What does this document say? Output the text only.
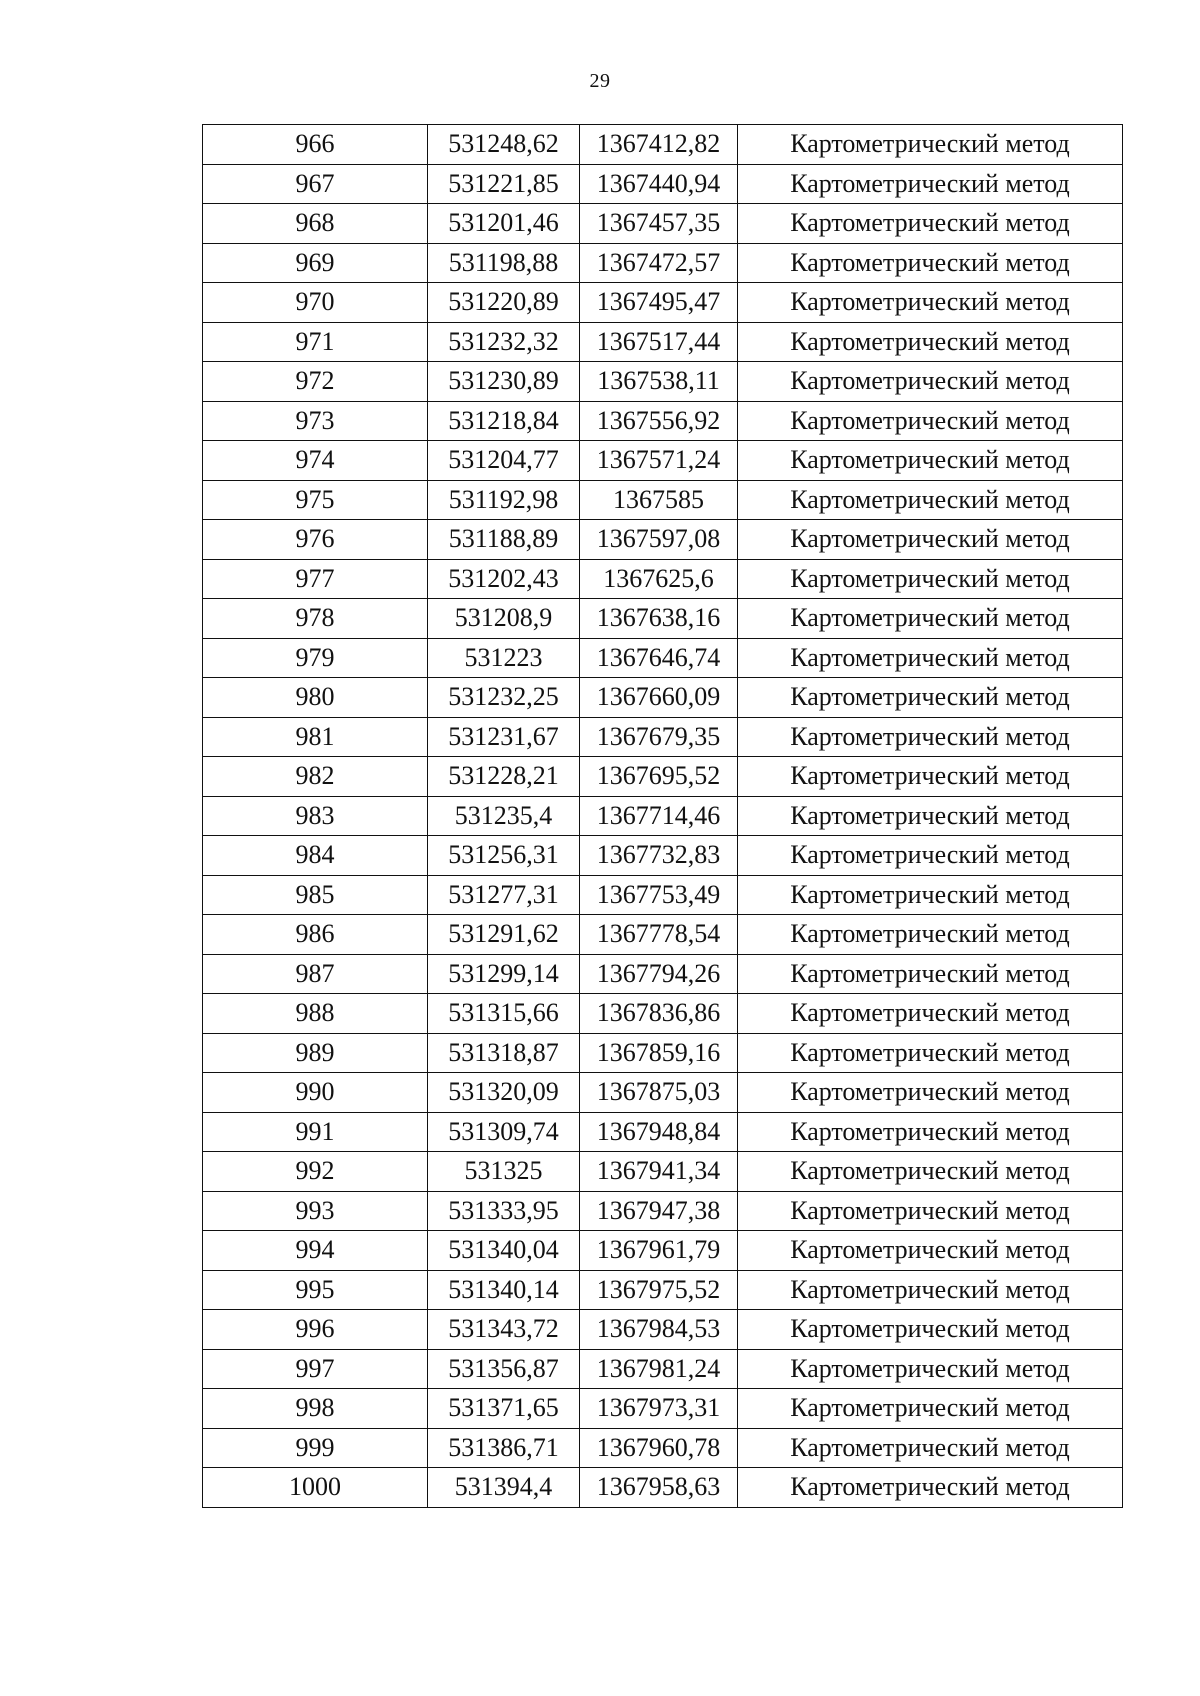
29
966	531248,62	1367412,82	Картометрический метод
967	531221,85	1367440,94	Картометрический метод
968	531201,46	1367457,35	Картометрический метод
969	531198,88	1367472,57	Картометрический метод
970	531220,89	1367495,47	Картометрический метод
971	531232,32	1367517,44	Картометрический метод
972	531230,89	1367538,11	Картометрический метод
973	531218,84	1367556,92	Картометрический метод
974	531204,77	1367571,24	Картометрический метод
975	531192,98	1367585	Картометрический метод
976	531188,89	1367597,08	Картометрический метод
977	531202,43	1367625,6	Картометрический метод
978	531208,9	1367638,16	Картометрический метод
979	531223	1367646,74	Картометрический метод
980	531232,25	1367660,09	Картометрический метод
981	531231,67	1367679,35	Картометрический метод
982	531228,21	1367695,52	Картометрический метод
983	531235,4	1367714,46	Картометрический метод
984	531256,31	1367732,83	Картометрический метод
985	531277,31	1367753,49	Картометрический метод
986	531291,62	1367778,54	Картометрический метод
987	531299,14	1367794,26	Картометрический метод
988	531315,66	1367836,86	Картометрический метод
989	531318,87	1367859,16	Картометрический метод
990	531320,09	1367875,03	Картометрический метод
991	531309,74	1367948,84	Картометрический метод
992	531325	1367941,34	Картометрический метод
993	531333,95	1367947,38	Картометрический метод
994	531340,04	1367961,79	Картометрический метод
995	531340,14	1367975,52	Картометрический метод
996	531343,72	1367984,53	Картометрический метод
997	531356,87	1367981,24	Картометрический метод
998	531371,65	1367973,31	Картометрический метод
999	531386,71	1367960,78	Картометрический метод
1000	531394,4	1367958,63	Картометрический метод
